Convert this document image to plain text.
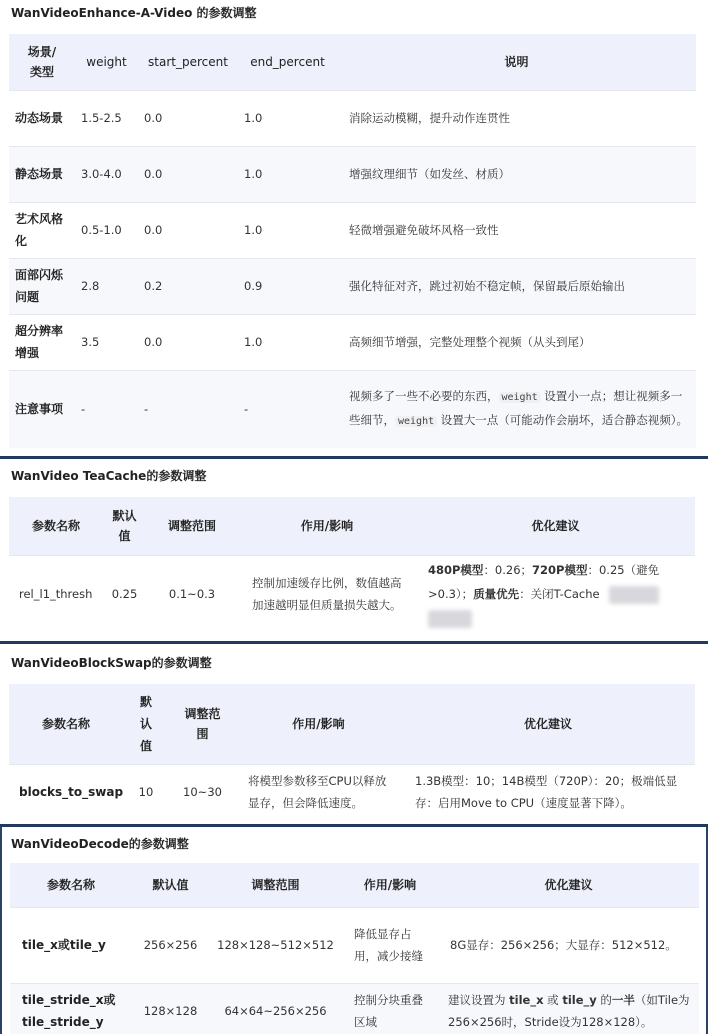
WanVideoEnhance-A-Video 的参数调整
场景/类型	weight	start_percent	end_percent	说明
动态场景	1.5-2.5	0.0	1.0	消除运动模糊，提升动作连贯性
静态场景	3.0-4.0	0.0	1.0	增强纹理细节（如发丝、材质）
艺术风格化	0.5-1.0	0.0	1.0	轻微增强避免破坏风格一致性
面部闪烁问题	2.8	0.2	0.9	强化特征对齐，跳过初始不稳定帧，保留最后原始输出
超分辨率增强	3.5	0.0	1.0	高频细节增强，完整处理整个视频（从头到尾）
注意事项	-	-	-	视频多了一些不必要的东西， weight 设置小一点；想让视频多一些细节， weight 设置大一点（可能动作会崩坏，适合静态视频）。
WanVideo TeaCache的参数调整
参数名称	默认值	调整范围	作用/影响	优化建议
rel_l1_thresh	0.25	0.1~0.3	控制加速缓存比例，数值越高加速越明显但质量损失越大。	480P模型：0.26；720P模型：0.25（避免>0.3）；质量优先：关闭T-Cache

WanVideoBlockSwap的参数调整
参数名称	默认值	调整范围	作用/影响	优化建议
blocks_to_swap	10	10~30	将模型参数移至CPU以释放显存，但会降低速度。	1.3B模型：10；14B模型（720P）：20；极端低显存：启用Move to CPU（速度显著下降）。
WanVideoDecode的参数调整
参数名称	默认值	调整范围	作用/影响	优化建议
tile_x或tile_y	256×256	128×128~512×512	降低显存占用，减少接缝	8G显存：256×256；大显存：512×512。
tile_stride_x或tile_stride_y	128×128	64×64~256×256	控制分块重叠区域	建议设置为 tile_x 或 tile_y 的一半（如Tile为256×256时，Stride设为128×128）。
